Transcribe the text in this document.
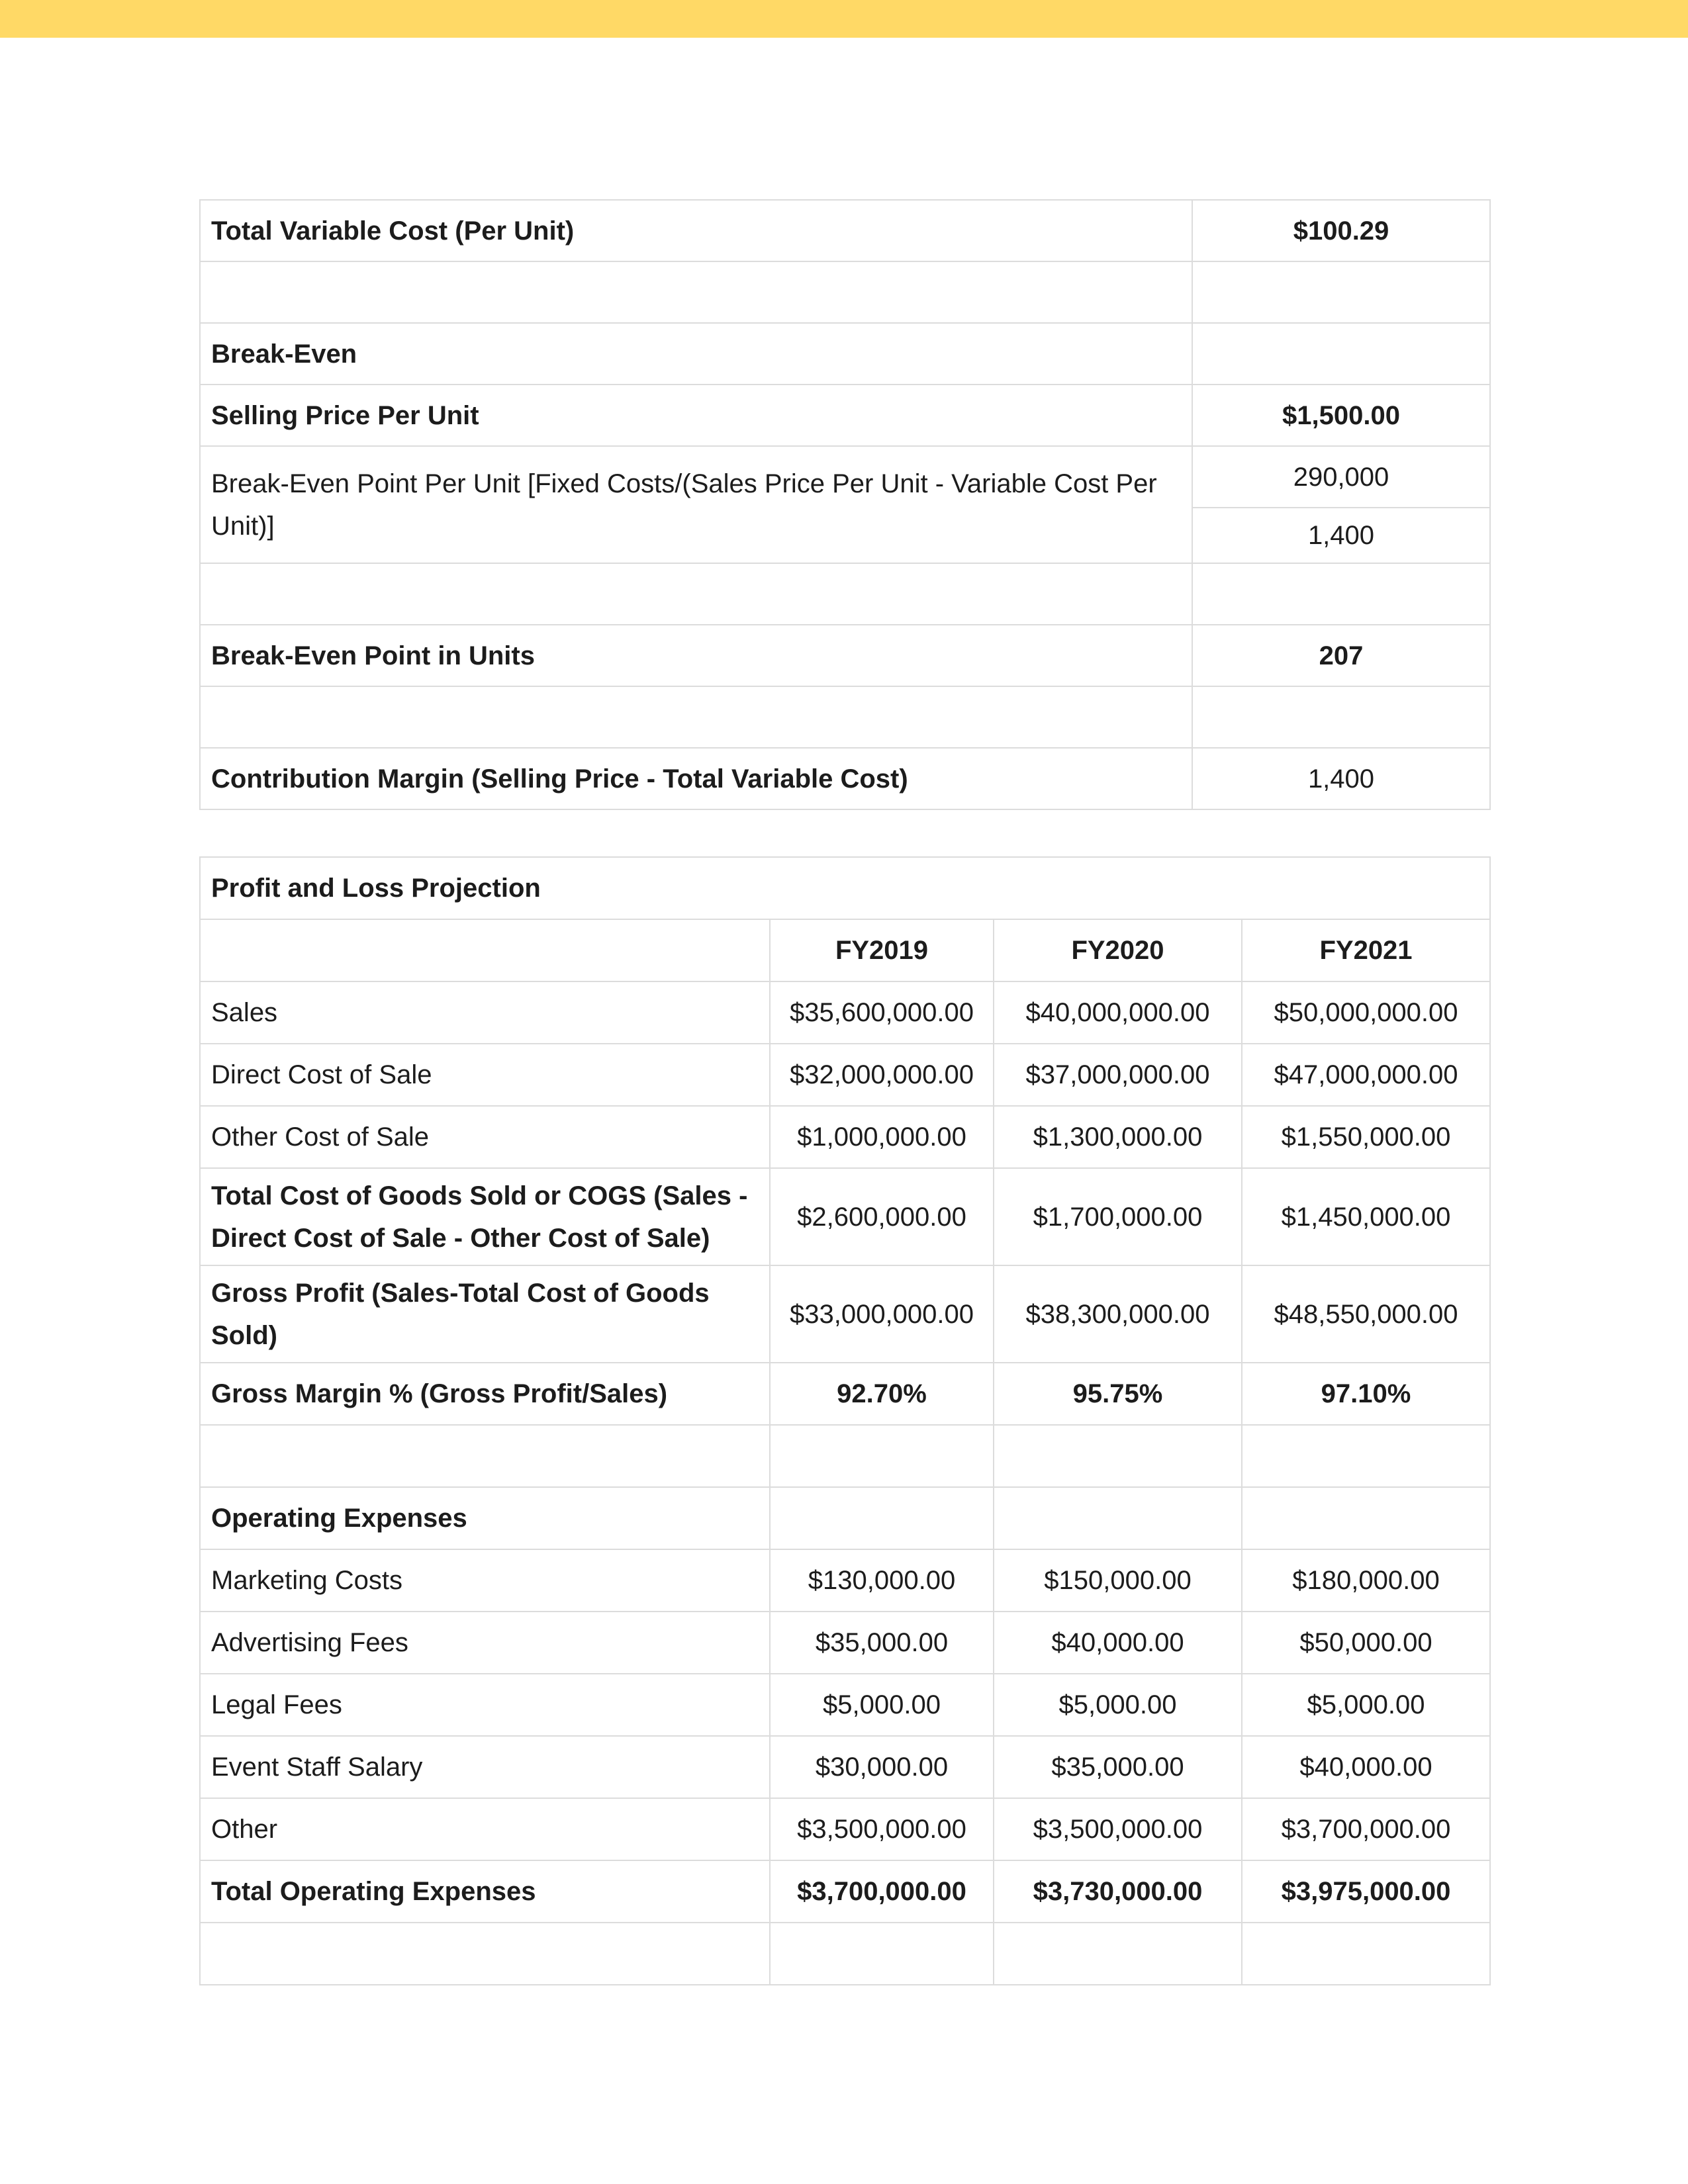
Total Variable Cost (Per Unit)	$100.29

Break-Even	
Selling Price Per Unit	$1,500.00
Break-Even Point Per Unit [Fixed Costs/(Sales Price Per Unit - Variable Cost Per Unit)]	290,000
	1,400

Break-Even Point in Units	207

Contribution Margin (Selling Price - Total Variable Cost)	1,400
Profit and Loss Projection			
	FY2019	FY2020	FY2021
Sales	$35,600,000.00	$40,000,000.00	$50,000,000.00
Direct Cost of Sale	$32,000,000.00	$37,000,000.00	$47,000,000.00
Other Cost of Sale	$1,000,000.00	$1,300,000.00	$1,550,000.00
Total Cost of Goods Sold or COGS (Sales - Direct Cost of Sale - Other Cost of Sale)	$2,600,000.00	$1,700,000.00	$1,450,000.00
Gross Profit (Sales-Total Cost of Goods Sold)	$33,000,000.00	$38,300,000.00	$48,550,000.00
Gross Margin % (Gross Profit/Sales)	92.70%	95.75%	97.10%

Operating Expenses			
Marketing Costs	$130,000.00	$150,000.00	$180,000.00
Advertising Fees	$35,000.00	$40,000.00	$50,000.00
Legal Fees	$5,000.00	$5,000.00	$5,000.00
Event Staff Salary	$30,000.00	$35,000.00	$40,000.00
Other	$3,500,000.00	$3,500,000.00	$3,700,000.00
Total Operating Expenses	$3,700,000.00	$3,730,000.00	$3,975,000.00
